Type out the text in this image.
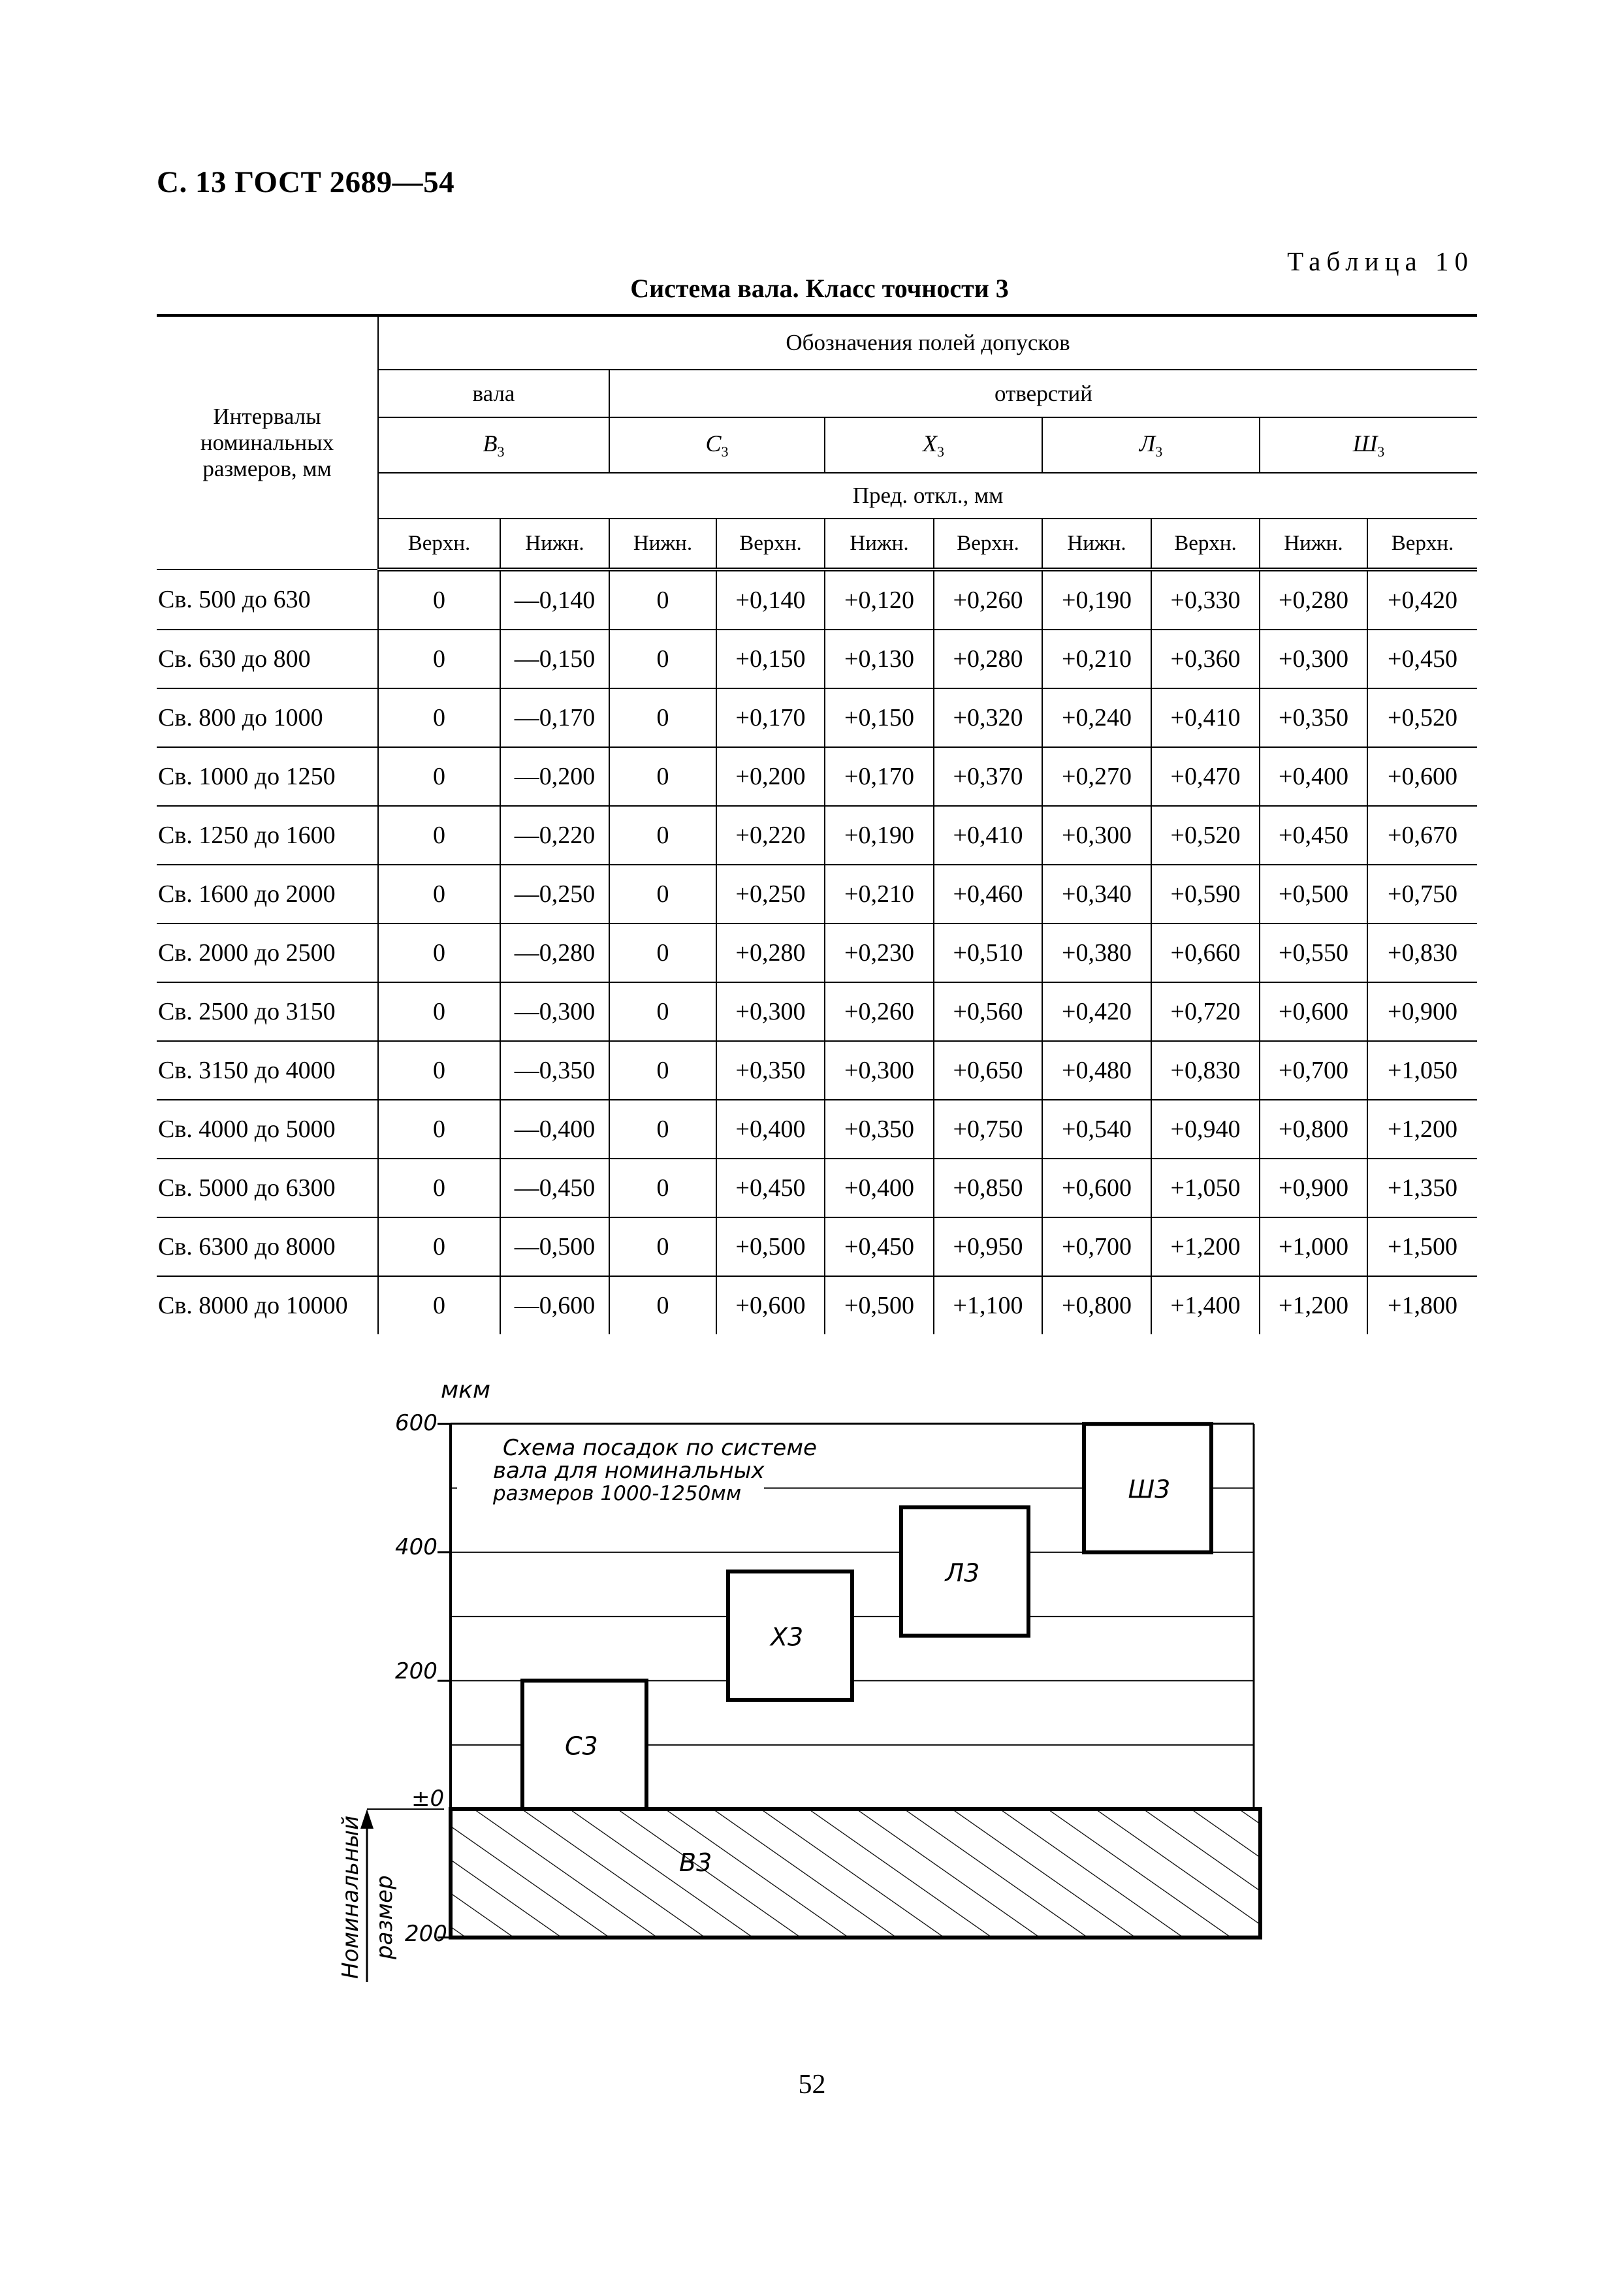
С. 13 ГОСТ 2689—54
Таблица 10
Система вала. Класс точности 3
Интервалы номинальных размеров, мм	Обозначения полей допусков									
	вала		отверстий							
	$В_3$		$С_3$		$Х_3$		$Л_3$		$Ш_3$
	Пред. откл., мм									
	Верхн.	Нижн.	Нижн.	Верхн.	Нижн.	Верхн.	Нижн.	Верхн.	Нижн.	Верхн.
Св. 500 до 630	0	—0,140	0	+0,140	+0,120	+0,260	+0,190	+0,330	+0,280	+0,420
Св. 630 до 800	0	—0,150	0	+0,150	+0,130	+0,280	+0,210	+0,360	+0,300	+0,450
Св. 800 до 1000	0	—0,170	0	+0,170	+0,150	+0,320	+0,240	+0,410	+0,350	+0,520
Св. 1000 до 1250	0	—0,200	0	+0,200	+0,170	+0,370	+0,270	+0,470	+0,400	+0,600
Св. 1250 до 1600	0	—0,220	0	+0,220	+0,190	+0,410	+0,300	+0,520	+0,450	+0,670
Св. 1600 до 2000	0	—0,250	0	+0,250	+0,210	+0,460	+0,340	+0,590	+0,500	+0,750
Св. 2000 до 2500	0	—0,280	0	+0,280	+0,230	+0,510	+0,380	+0,660	+0,550	+0,830
Св. 2500 до 3150	0	—0,300	0	+0,300	+0,260	+0,560	+0,420	+0,720	+0,600	+0,900
Св. 3150 до 4000	0	—0,350	0	+0,350	+0,300	+0,650	+0,480	+0,830	+0,700	+1,050
Св. 4000 до 5000	0	—0,400	0	+0,400	+0,350	+0,750	+0,540	+0,940	+0,800	+1,200
Св. 5000 до 6300	0	—0,450	0	+0,450	+0,400	+0,850	+0,600	+1,050	+0,900	+1,350
Св. 6300 до 8000	0	—0,500	0	+0,500	+0,450	+0,950	+0,700	+1,200	+1,000	+1,500
Св. 8000 до 10000	0	—0,600	0	+0,600	+0,500	+1,100	+0,800	+1,400	+1,200	+1,800
С3
Х3
Л3
Ш3
В3
мкм
Схема посадок по системе
вала для номинальных
размеров 1000-1250мм
600
400
200
±0
200
Номинальный размер
52
